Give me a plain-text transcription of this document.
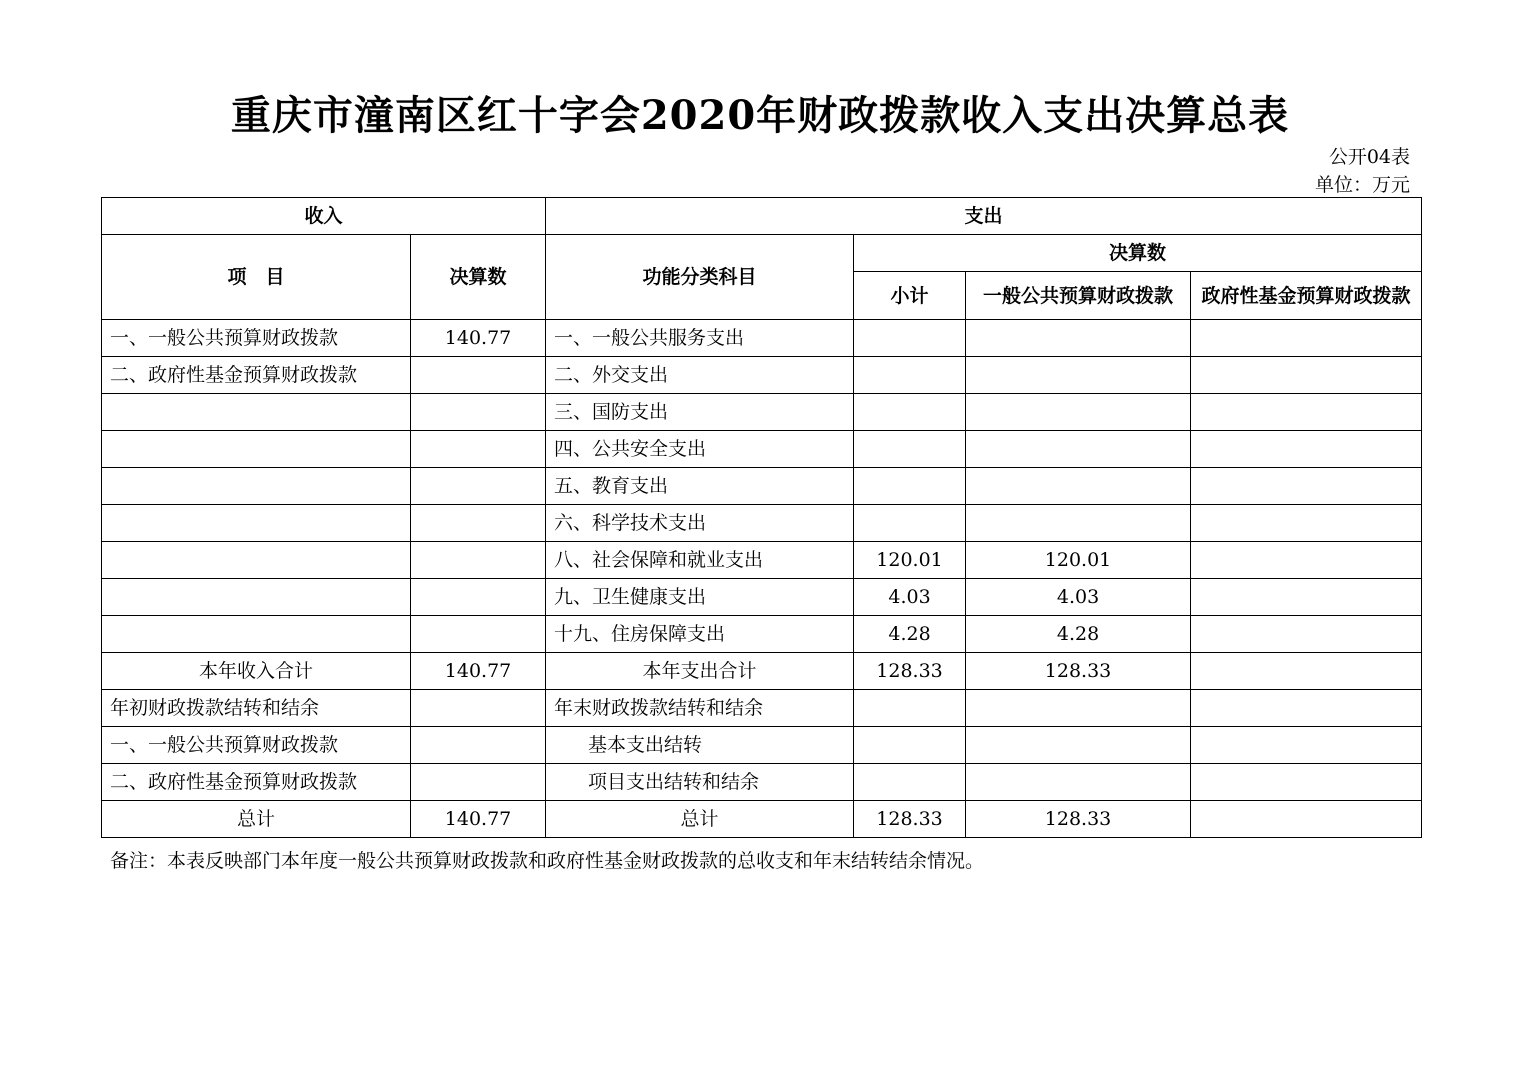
重庆市潼南区红十字会2020年财政拨款收入支出决算总表
公开04表
单位：万元
收入		支出			
项　目	决算数	功能分类科目	决算数		
			小计	一般公共预算财政拨款	政府性基金预算财政拨款
一、一般公共预算财政拨款	140.77	一、一般公共服务支出			
二、政府性基金预算财政拨款		二、外交支出			
		三、国防支出			
		四、公共安全支出			
		五、教育支出			
		六、科学技术支出			
		八、社会保障和就业支出	120.01	120.01	
		九、卫生健康支出	4.03	4.03	
		十九、住房保障支出	4.28	4.28	
本年收入合计	140.77	本年支出合计	128.33	128.33	
年初财政拨款结转和结余		年末财政拨款结转和结余			
一、一般公共预算财政拨款		基本支出结转			
二、政府性基金预算财政拨款		项目支出结转和结余			
总计	140.77	总计	128.33	128.33	
备注：本表反映部门本年度一般公共预算财政拨款和政府性基金财政拨款的总收支和年末结转结余情况。
